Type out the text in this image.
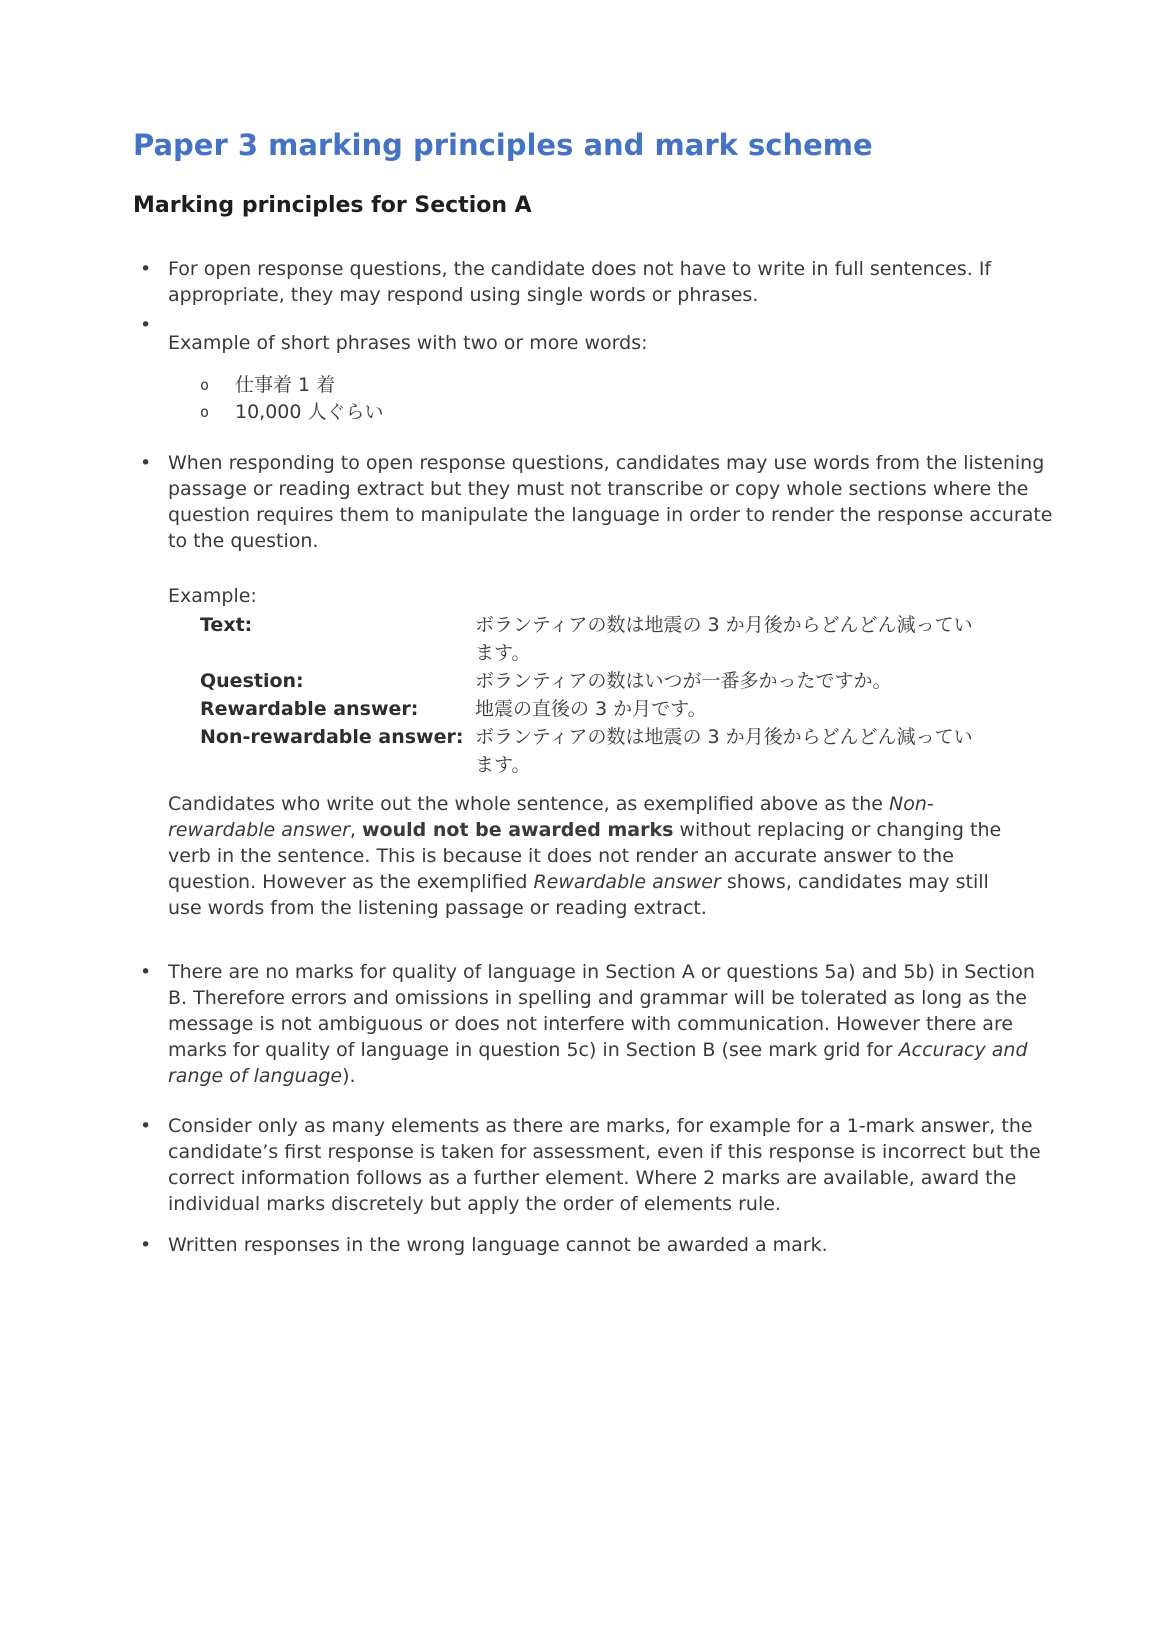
Paper 3 marking principles and mark scheme
Marking principles for Section A
• For open response questions, the candidate does not have to write in full sentences. If appropriate, they may respond using single words or phrases.
•
Example of short phrases with two or more words:
o	仕事着 1 着
o	10,000 人ぐらい
• When responding to open response questions, candidates may use words from the listening passage or reading extract but they must not transcribe or copy whole sections where the question requires them to manipulate the language in order to render the response accurate to the question.
Example:
Text:	ボランティアの数は地震の 3 か月後からどんどん減っています。
Question:	ボランティアの数はいつが一番多かったですか。
Rewardable answer:	地震の直後の 3 か月です。
Non-rewardable answer: ボランティアの数は地震の 3 か月後からどんどん減っています。

Candidates who write out the whole sentence, as exemplified above as the Non-rewardable answer, would not be awarded marks without replacing or changing the verb in the sentence. This is because it does not render an accurate answer to the question. However as the exemplified Rewardable answer shows, candidates may still use words from the listening passage or reading extract.

• There are no marks for quality of language in Section A or questions 5a) and 5b) in Section B. Therefore errors and omissions in spelling and grammar will be tolerated as long as the message is not ambiguous or does not interfere with communication. However there are marks for quality of language in question 5c) in Section B (see mark grid for Accuracy and range of language).
• Consider only as many elements as there are marks, for example for a 1-mark answer, the candidate’s first response is taken for assessment, even if this response is incorrect but the correct information follows as a further element. Where 2 marks are available, award the individual marks discretely but apply the order of elements rule.
• Written responses in the wrong language cannot be awarded a mark.
